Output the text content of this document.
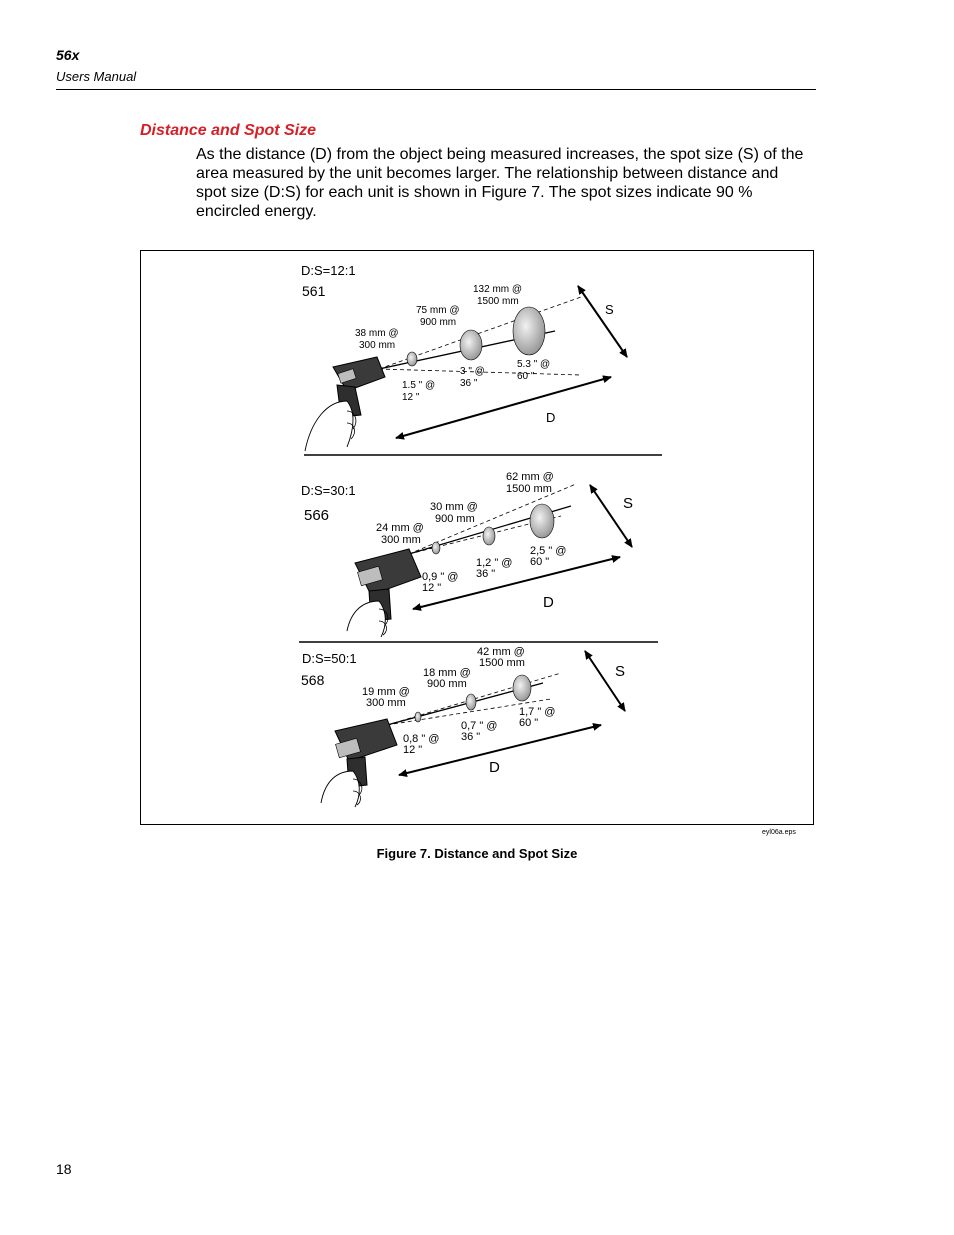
56x
Users Manual
Distance and Spot Size
As the distance (D) from the object being measured increases, the spot size (S) of the area measured by the unit becomes larger. The relationship between distance and spot size (D:S) for each unit is shown in Figure 7. The spot sizes indicate 90 % encircled energy.
D:S=12:1
561
38 mm @
300 mm
75 mm @
900 mm
132 mm @
1500 mm
1.5 " @
12 "
3 " @
36 "
5.3 " @
60 "
S
D
D:S=30:1
566
24 mm @
300 mm
30 mm @
900 mm
62 mm @
1500 mm
0,9 " @
12 "
1,2 " @
36 "
2,5 " @
60 "
S
D
D:S=50:1
568
19 mm @
300 mm
18 mm @
900 mm
42 mm @
1500 mm
0,8 " @
12 "
0,7 " @
36 "
1,7 " @
60 "
S
D
eyl06a.eps
Figure 7. Distance and Spot Size
18
